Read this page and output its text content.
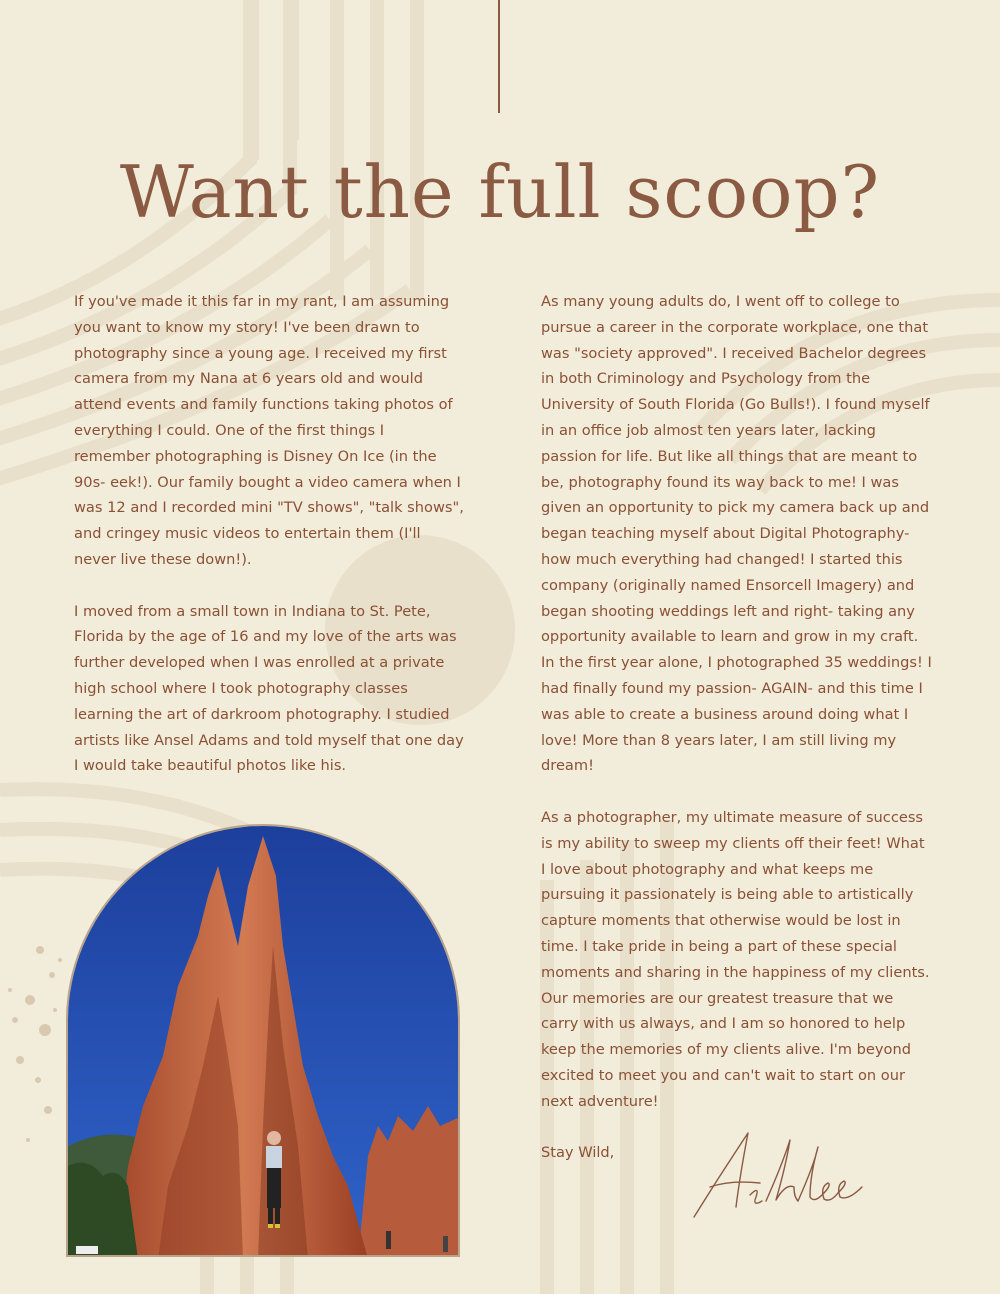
Want the full scoop?

If you've made it this far in my rant, I am assuming you want to know my story! I've been drawn to photography since a young age. I received my first camera from my Nana at 6 years old and would attend events and family functions taking photos of everything I could. One of the first things I remember photographing is Disney On Ice (in the 90s- eek!). Our family bought a video camera when I was 12 and I recorded mini "TV shows", "talk shows", and cringey music videos to entertain them (I'll never live these down!).

I moved from a small town in Indiana to St. Pete, Florida by the age of 16 and my love of the arts was further developed when I was enrolled at a private high school where I took photography classes learning the art of darkroom photography. I studied artists like Ansel Adams and told myself that one day I would take beautiful photos like his.

As many young adults do, I went off to college to pursue a career in the corporate workplace, one that was "society approved". I received Bachelor degrees in both Criminology and Psychology from the University of South Florida (Go Bulls!). I found myself in an office job almost ten years later, lacking passion for life. But like all things that are meant to be, photography found its way back to me! I was given an opportunity to pick my camera back up and began teaching myself about Digital Photography- how much everything had changed! I started this company (originally named Ensorcell Imagery) and began shooting weddings left and right- taking any opportunity available to learn and grow in my craft. In the first year alone, I photographed 35 weddings! I had finally found my passion- AGAIN- and this time I was able to create a business around doing what I love! More than 8 years later, I am still living my dream!

As a photographer, my ultimate measure of success is my ability to sweep my clients off their feet! What I love about photography and what keeps me pursuing it passionately is being able to artistically capture moments that otherwise would be lost in time. I take pride in being a part of these special moments and sharing in the happiness of my clients. Our memories are our greatest treasure that we carry with us always, and I am so honored to help keep the memories of my clients alive. I'm beyond excited to meet you and can't wait to start on our next adventure!

Stay Wild,
